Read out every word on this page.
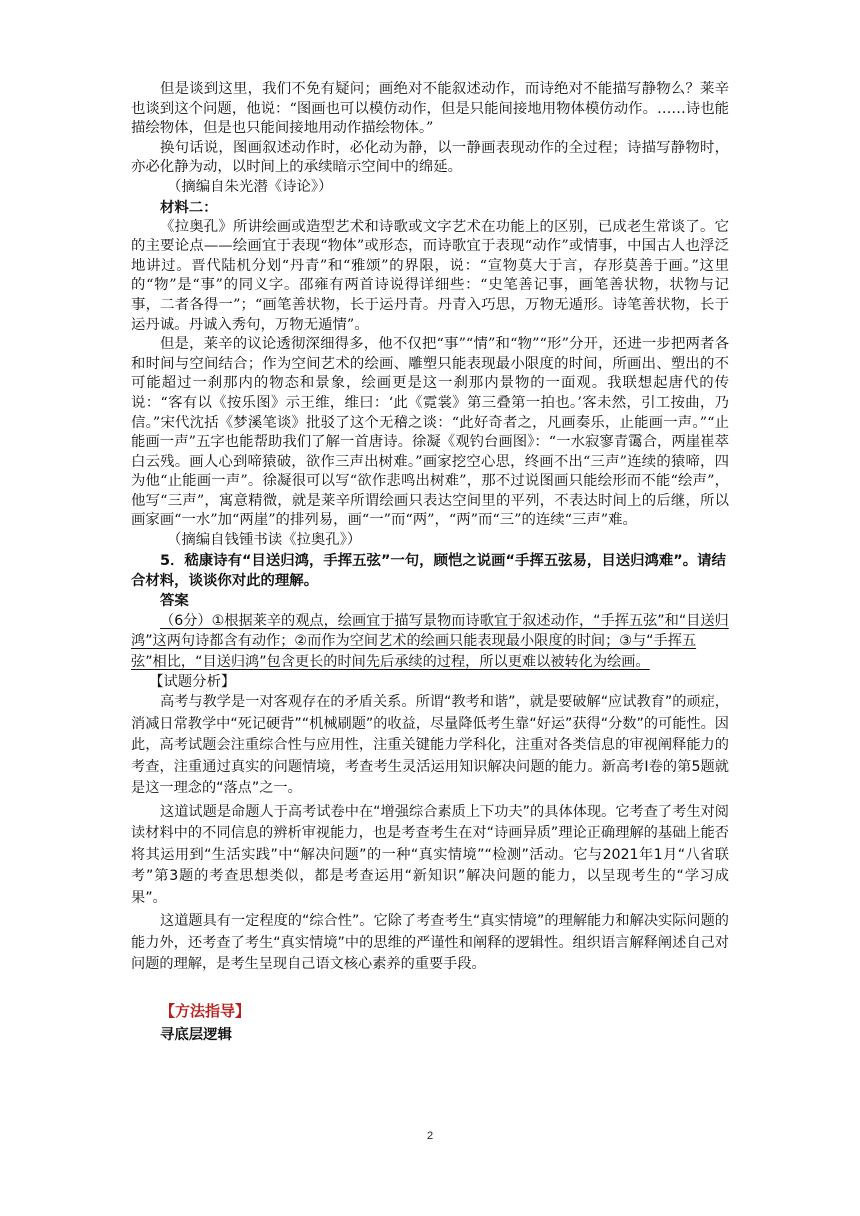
但是谈到这里，我们不免有疑问；画绝对不能叙述动作，而诗绝对不能描写静物么？莱辛也谈到这个问题，他说：“图画也可以模仿动作，但是只能间接地用物体模仿动作。……诗也能描绘物体，但是也只能间接地用动作描绘物体。”

换句话说，图画叙述动作时，必化动为静，以一静画表现动作的全过程；诗描写静物时，亦必化静为动，以时间上的承续暗示空间中的绵延。

（摘编自朱光潜《诗论》）

材料二：

《拉奥孔》所讲绘画或造型艺术和诗歌或文字艺术在功能上的区别，已成老生常谈了。它的主要论点——绘画宜于表现“物体”或形态，而诗歌宜于表现“动作”或情事，中国古人也浮泛地讲过。晋代陆机分划“丹青”和“雅颂”的界限，说：“宣物莫大于言，存形莫善于画。”这里的“物”是“事”的同义字。邵雍有两首诗说得详细些：“史笔善记事，画笔善状物，状物与记事，二者各得一”；“画笔善状物，长于运丹青。丹青入巧思，万物无遁形。诗笔善状物，长于运丹诚。丹诚入秀句，万物无遁情”。

但是，莱辛的议论透彻深细得多，他不仅把“事”“情”和“物”“形”分开，还进一步把两者各和时间与空间结合；作为空间艺术的绘画、雕塑只能表现最小限度的时间，所画出、塑出的不可能超过一刹那内的物态和景象，绘画更是这一刹那内景物的一面观。我联想起唐代的传说：“客有以《按乐图》示王维，维曰：‘此《霓裳》第三叠第一拍也。’客未然，引工按曲，乃信。”宋代沈括《梦溪笔谈》批驳了这个无稽之谈：“此好奇者之，凡画奏乐，止能画一声。”“止能画一声”五字也能帮助我们了解一首唐诗。徐凝《观钓台画图》：“一水寂寥青霭合，两崖崔萃白云残。画人心到啼猿破，欲作三声出树难。”画家挖空心思，终画不出“三声”连续的猿啼，四为他“止能画一声”。徐凝很可以写“欲作悲鸣出树难”，那不过说图画只能绘形而不能“绘声”，他写“三声”，寓意精微，就是莱辛所谓绘画只表达空间里的平列，不表达时间上的后继，所以画家画“一水”加“两崖”的排列易，画“一”而“两”，“两”而“三”的连续“三声”难。

（摘编自钱锺书读《拉奥孔》）

5．嵇康诗有“目送归鸿，手挥五弦”一句，顾恺之说画“手挥五弦易，目送归鸿难”。请结合材料，谈谈你对此的理解。

答案

（6分）①根据莱辛的观点，绘画宜于描写景物而诗歌宜于叙述动作，“手挥五弦”和“目送归鸿”这两句诗都含有动作；②而作为空间艺术的绘画只能表现最小限度的时间；③与“手挥五弦”相比，“目送归鸿”包含更长的时间先后承续的过程，所以更难以被转化为绘画。

【试题分析】

高考与教学是一对客观存在的矛盾关系。所谓“教考和谐”，就是要破解“应试教育”的顽症，消减日常教学中“死记硬背”“机械刷题”的收益，尽量降低考生靠“好运”获得“分数”的可能性。因此，高考试题会注重综合性与应用性，注重关键能力学科化，注重对各类信息的审视阐释能力的考查，注重通过真实的问题情境，考查考生灵活运用知识解决问题的能力。新高考Ⅰ卷的第5题就是这一理念的“落点”之一。

这道试题是命题人于高考试卷中在“增强综合素质上下功夫”的具体体现。它考查了考生对阅读材料中的不同信息的辨析审视能力，也是考查考生在对“诗画异质”理论正确理解的基础上能否将其运用到“生活实践”中“解决问题”的一种“真实情境”“检测”活动。它与2021年1月“八省联考”第3题的考查思想类似，都是考查运用“新知识”解决问题的能力，以呈现考生的“学习成果”。

这道题具有一定程度的“综合性”。它除了考查考生“真实情境”的理解能力和解决实际问题的能力外，还考查了考生“真实情境”中的思维的严谨性和阐释的逻辑性。组织语言解释阐述自己对问题的理解，是考生呈现自己语文核心素养的重要手段。

【方法指导】

寻底层逻辑

2
